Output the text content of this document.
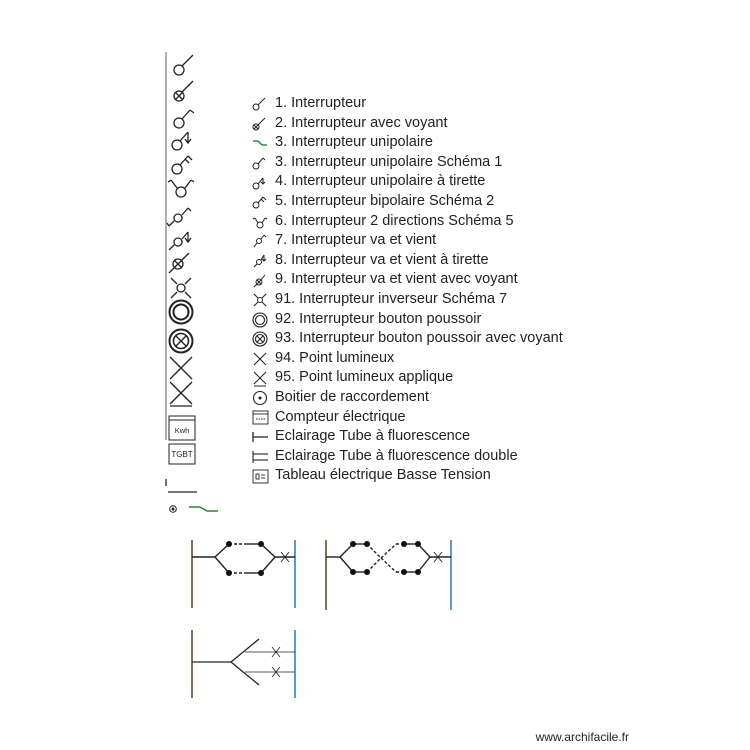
Kwh
TGBT
1. Interrupteur
2. Interrupteur avec voyant
3. Interrupteur unipolaire
3. Interrupteur unipolaire Schéma 1
4. Interrupteur unipolaire à tirette
5. Interrupteur bipolaire Schéma 2
6. Interrupteur 2 directions Schéma 5
7. Interrupteur va et vient
8. Interrupteur va et vient à tirette
9. Interrupteur va et vient avec voyant
91. Interrupteur inverseur Schéma 7
92. Interrupteur bouton poussoir
93. Interrupteur bouton poussoir avec voyant
94. Point lumineux
95. Point lumineux applique
Boitier de raccordement
Compteur électrique
Eclairage Tube à fluorescence
Eclairage Tube à fluorescence double
Tableau électrique Basse Tension
www.archifacile.fr
